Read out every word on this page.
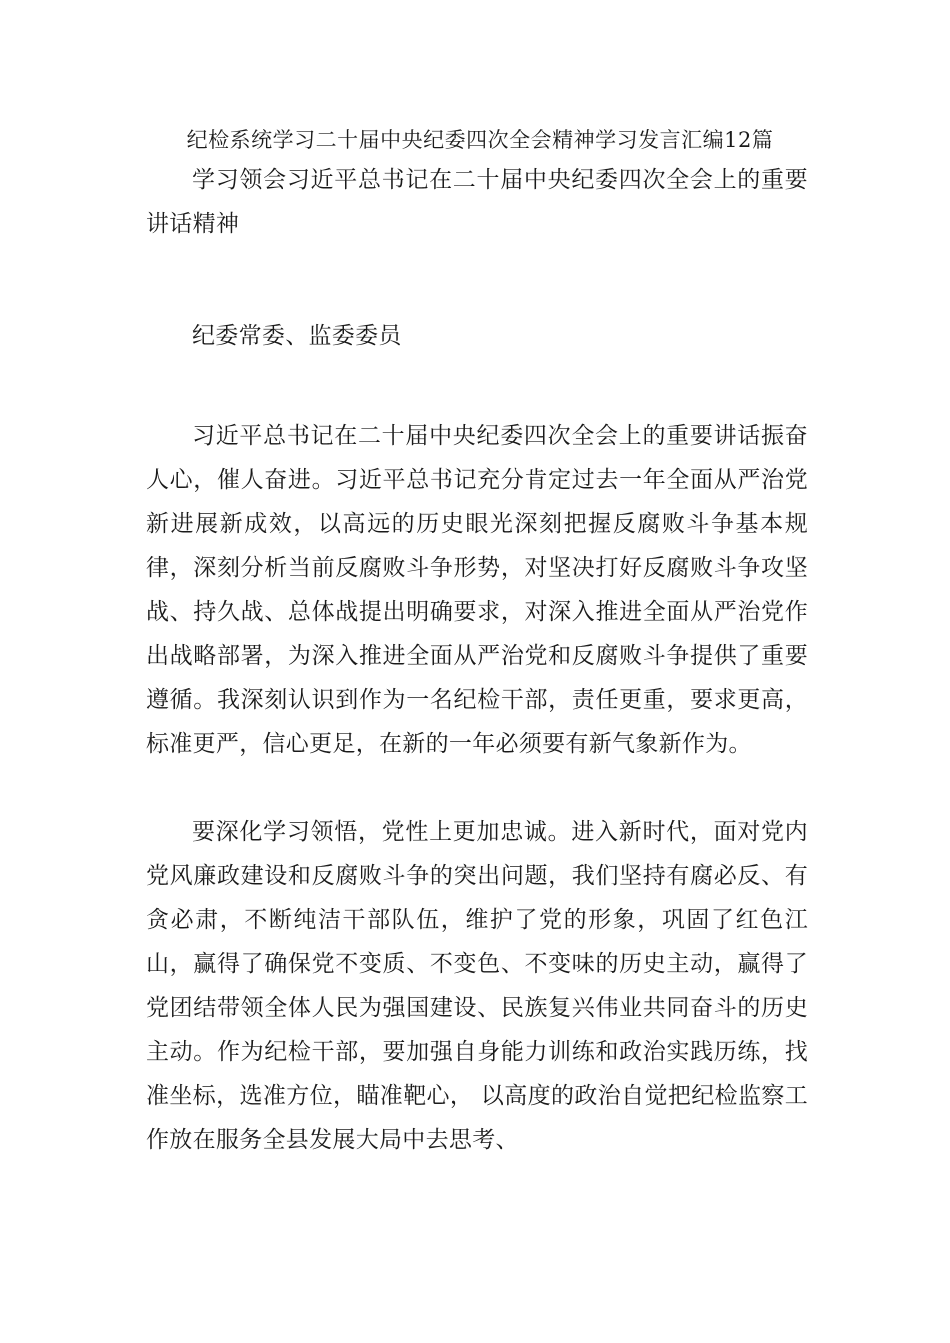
纪检系统学习二十届中央纪委四次全会精神学习发言汇编12篇

学习领会习近平总书记在二十届中央纪委四次全会上的重要讲话精神

纪委常委、监委委员

习近平总书记在二十届中央纪委四次全会上的重要讲话振奋人心，催人奋进。习近平总书记充分肯定过去一年全面从严治党新进展新成效，以高远的历史眼光深刻把握反腐败斗争基本规律，深刻分析当前反腐败斗争形势，对坚决打好反腐败斗争攻坚战、持久战、总体战提出明确要求，对深入推进全面从严治党作出战略部署，为深入推进全面从严治党和反腐败斗争提供了重要遵循。我深刻认识到作为一名纪检干部，责任更重，要求更高，标准更严，信心更足，在新的一年必须要有新气象新作为。

要深化学习领悟，党性上更加忠诚。进入新时代，面对党内党风廉政建设和反腐败斗争的突出问题，我们坚持有腐必反、有贪必肃，不断纯洁干部队伍，维护了党的形象，巩固了红色江山，赢得了确保党不变质、不变色、不变味的历史主动，赢得了党团结带领全体人民为强国建设、民族复兴伟业共同奋斗的历史主动。作为纪检干部，要加强自身能力训练和政治实践历练，找准坐标，选准方位，瞄准靶心， 以高度的政治自觉把纪检监察工作放在服务全县发展大局中去思考、
